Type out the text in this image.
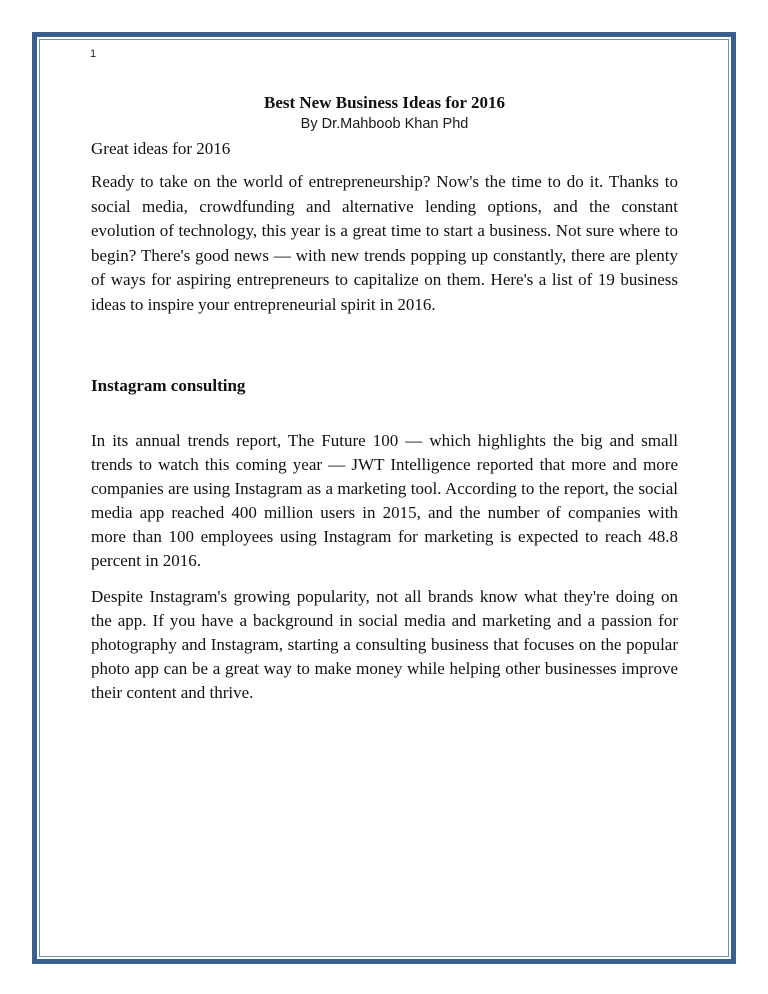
1
Best New Business Ideas for 2016

By Dr.Mahboob Khan Phd

Great ideas for 2016

Ready to take on the world of entrepreneurship? Now's the time to do it. Thanks to social media, crowdfunding and alternative lending options, and the constant evolution of technology, this year is a great time to start a business. Not sure where to begin? There's good news — with new trends popping up constantly, there are plenty of ways for aspiring entrepreneurs to capitalize on them. Here's a list of 19 business ideas to inspire your entrepreneurial spirit in 2016.

Instagram consulting

In its annual trends report, The Future 100 — which highlights the big and small trends to watch this coming year — JWT Intelligence reported that more and more companies are using Instagram as a marketing tool. According to the report, the social media app reached 400 million users in 2015, and the number of companies with more than 100 employees using Instagram for marketing is expected to reach 48.8 percent in 2016.

Despite Instagram's growing popularity, not all brands know what they're doing on the app. If you have a background in social media and marketing and a passion for photography and Instagram, starting a consulting business that focuses on the popular photo app can be a great way to make money while helping other businesses improve their content and thrive.
